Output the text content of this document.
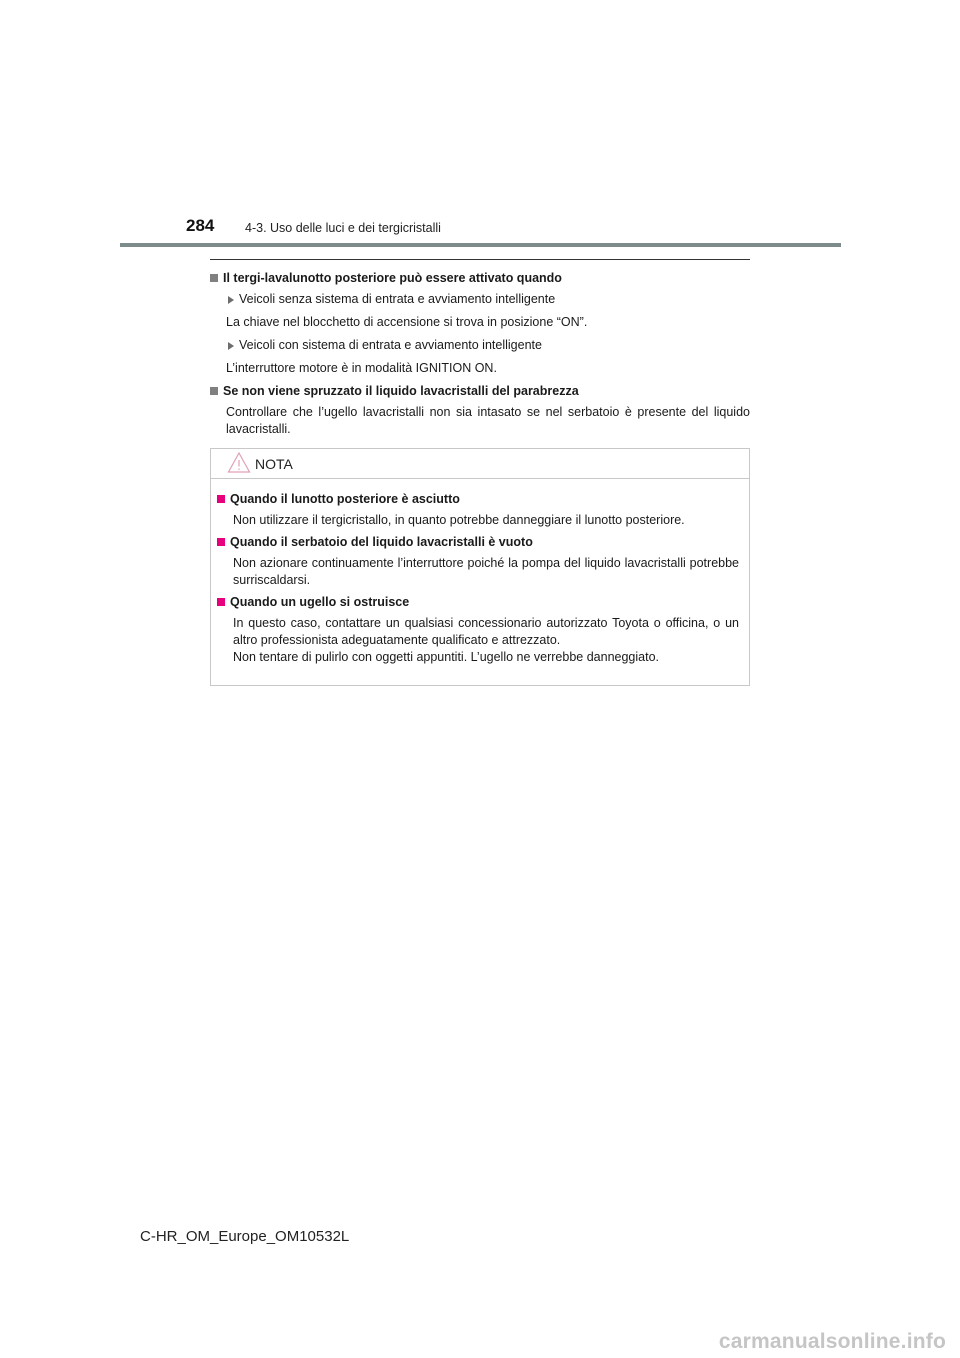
284 4-3. Uso delle luci e dei tergicristalli
Il tergi-lavalunotto posteriore può essere attivato quando
Veicoli senza sistema di entrata e avviamento intelligente
La chiave nel blocchetto di accensione si trova in posizione “ON”.
Veicoli con sistema di entrata e avviamento intelligente
L’interruttore motore è in modalità IGNITION ON.
Se non viene spruzzato il liquido lavacristalli del parabrezza
Controllare che l’ugello lavacristalli non sia intasato se nel serbatoio è presente del liquido lavacristalli.
NOTA
Quando il lunotto posteriore è asciutto
Non utilizzare il tergicristallo, in quanto potrebbe danneggiare il lunotto posteriore.
Quando il serbatoio del liquido lavacristalli è vuoto
Non azionare continuamente l’interruttore poiché la pompa del liquido lavacristalli potrebbe surriscaldarsi.
Quando un ugello si ostruisce
In questo caso, contattare un qualsiasi concessionario autorizzato Toyota o officina, o un altro professionista adeguatamente qualificato e attrezzato.
Non tentare di pulirlo con oggetti appuntiti. L’ugello ne verrebbe danneggiato.
C-HR_OM_Europe_OM10532L
carmanualsonline.info
